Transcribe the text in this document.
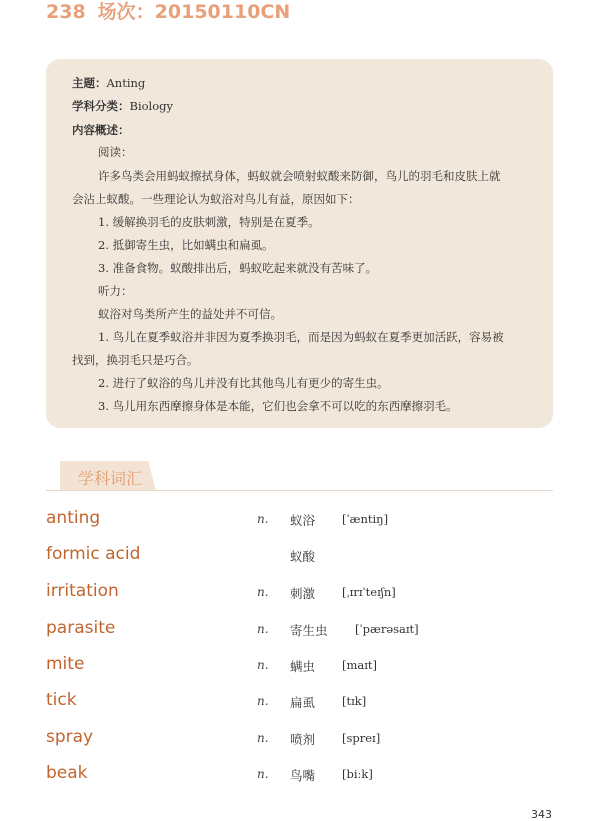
238 场次：20150110CN
主题：Anting
学科分类：Biology
内容概述：
阅读：
许多鸟类会用蚂蚁擦拭身体，蚂蚁就会喷射蚁酸来防御，鸟儿的羽毛和皮肤上就
会沾上蚁酸。一些理论认为蚁浴对鸟儿有益，原因如下：
1. 缓解换羽毛的皮肤刺激，特别是在夏季。
2. 抵御寄生虫，比如螨虫和扁虱。
3. 准备食物。蚁酸排出后，蚂蚁吃起来就没有苦味了。
听力：
蚁浴对鸟类所产生的益处并不可信。
1. 鸟儿在夏季蚁浴并非因为夏季换羽毛，而是因为蚂蚁在夏季更加活跃，容易被
找到，换羽毛只是巧合。
2. 进行了蚁浴的鸟儿并没有比其他鸟儿有更少的寄生虫。
3. 鸟儿用东西摩擦身体是本能，它们也会拿不可以吃的东西摩擦羽毛。
学科词汇
anting	n. 蚁浴 [ˈæntiŋ]
formic acid	蚁酸
irritation	n. 刺激 [ˌɪrɪˈteɪʃn]
parasite	n. 寄生虫 [ˈpærəsaɪt]
mite	n. 螨虫 [maɪt]
tick	n. 扁虱 [tɪk]
spray	n. 喷剂 [spreɪ]
beak	n. 鸟嘴 [biːk]
343
